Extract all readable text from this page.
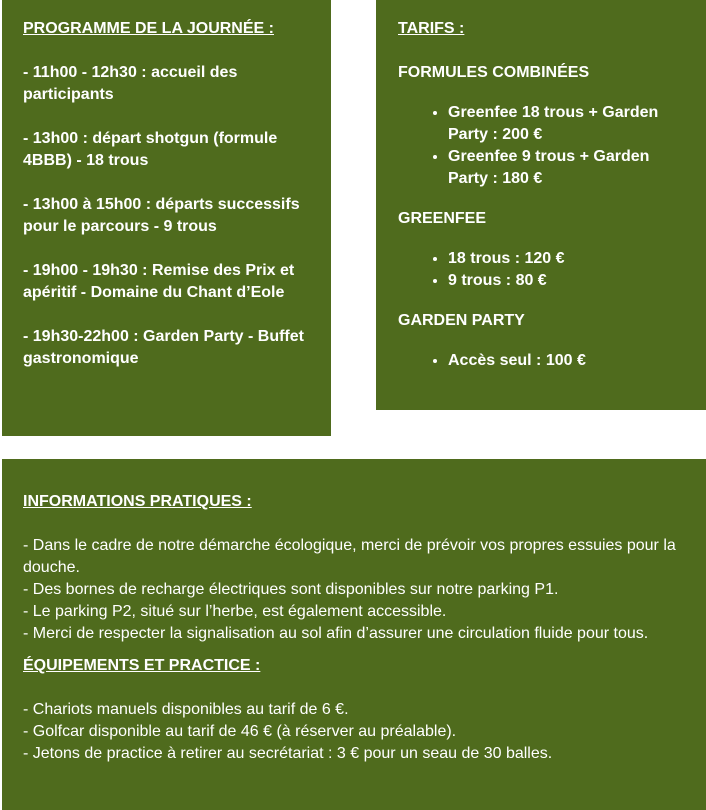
PROGRAMME DE LA JOURNÉE :
- 11h00 - 12h30 : accueil des participants
- 13h00 : départ shotgun (formule 4BBB) - 18 trous
- 13h00 à 15h00 : départs successifs pour le parcours - 9 trous
- 19h00 - 19h30 : Remise des Prix et apéritif - Domaine du Chant d’Eole
- 19h30-22h00 : Garden Party - Buffet gastronomique
TARIFS :
FORMULES COMBINÉES
• Greenfee 18 trous + Garden Party : 200 €
• Greenfee 9 trous + Garden Party : 180 €
GREENFEE
• 18 trous : 120 €
• 9 trous : 80 €
GARDEN PARTY
• Accès seul : 100 €
INFORMATIONS PRATIQUES :

- Dans le cadre de notre démarche écologique, merci de prévoir vos propres essuies pour la douche.

- Des bornes de recharge électriques sont disponibles sur notre parking P1.

- Le parking P2, situé sur l’herbe, est également accessible.

- Merci de respecter la signalisation au sol afin d’assurer une circulation fluide pour tous.

ÉQUIPEMENTS ET PRACTICE :

- Chariots manuels disponibles au tarif de 6 €.

- Golfcar disponible au tarif de 46 € (à réserver au préalable).

- Jetons de practice à retirer au secrétariat : 3 € pour un seau de 30 balles.
